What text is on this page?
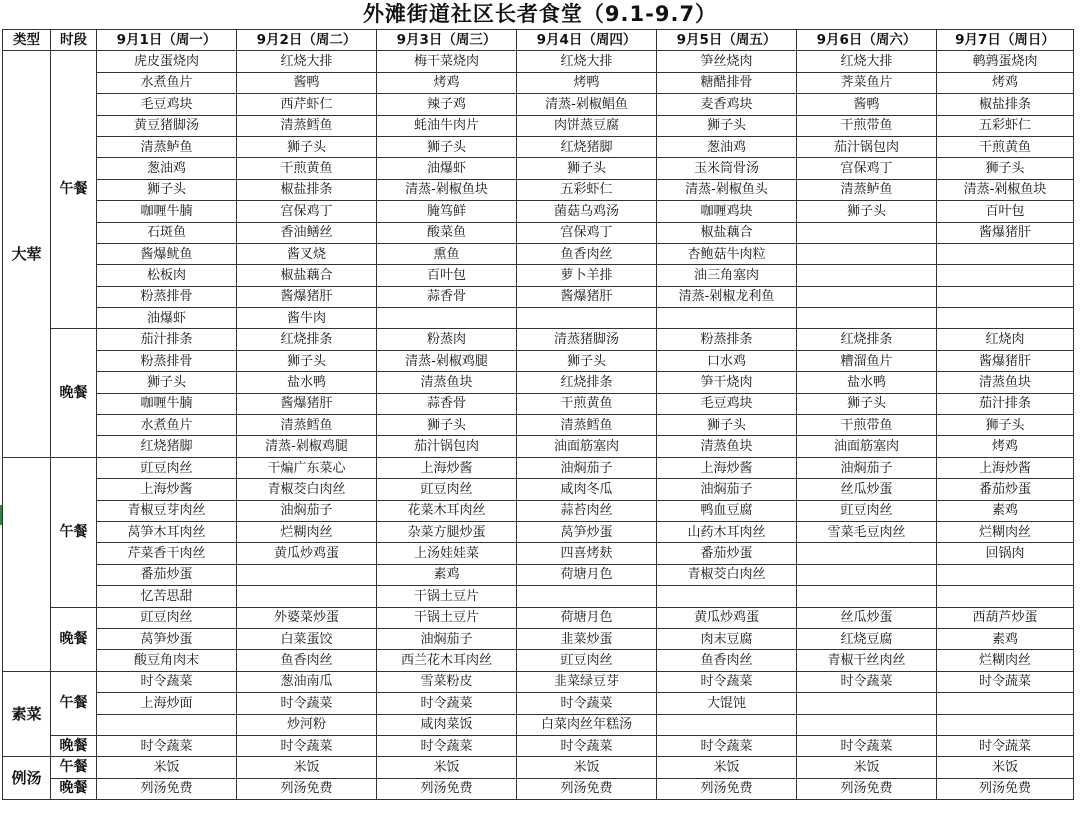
外滩街道社区长者食堂（9.1-9.7）
类型	时段	9月1日（周一）	9月2日（周二）	9月3日（周三）	9月4日（周四）	9月5日（周五）	9月6日（周六）	9月7日（周日）
大荤	午餐	虎皮蛋烧肉	红烧大排	梅干菜烧肉	红烧大排	笋丝烧肉	红烧大排	鹌鹑蛋烧肉
		水煮鱼片	酱鸭	烤鸡	烤鸭	糖醋排骨	荠菜鱼片	烤鸡
		毛豆鸡块	西芹虾仁	辣子鸡	清蒸-剁椒鲳鱼	麦香鸡块	酱鸭	椒盐排条
		黄豆猪脚汤	清蒸鳕鱼	蚝油牛肉片	肉饼蒸豆腐	狮子头	干煎带鱼	五彩虾仁
		清蒸鲈鱼	狮子头	狮子头	红烧猪脚	葱油鸡	茄汁锅包肉	干煎黄鱼
		葱油鸡	干煎黄鱼	油爆虾	狮子头	玉米筒骨汤	宫保鸡丁	狮子头
		狮子头	椒盐排条	清蒸-剁椒鱼块	五彩虾仁	清蒸-剁椒鱼头	清蒸鲈鱼	清蒸-剁椒鱼块
		咖喱牛腩	宫保鸡丁	腌笃鲜	菌菇乌鸡汤	咖喱鸡块	狮子头	百叶包
		石斑鱼	香油鳝丝	酸菜鱼	宫保鸡丁	椒盐藕合		酱爆猪肝
		酱爆鱿鱼	酱叉烧	熏鱼	鱼香肉丝	杏鲍菇牛肉粒		
		松板肉	椒盐藕合	百叶包	萝卜羊排	油三角塞肉		
		粉蒸排骨	酱爆猪肝	蒜香骨	酱爆猪肝	清蒸-剁椒龙利鱼		
		油爆虾	酱牛肉					
	晚餐	茄汁排条	红烧排条	粉蒸肉	清蒸猪脚汤	粉蒸排条	红烧排条	红烧肉
		粉蒸排骨	狮子头	清蒸-剁椒鸡腿	狮子头	口水鸡	糟溜鱼片	酱爆猪肝
		狮子头	盐水鸭	清蒸鱼块	红烧排条	笋干烧肉	盐水鸭	清蒸鱼块
		咖喱牛腩	酱爆猪肝	蒜香骨	干煎黄鱼	毛豆鸡块	狮子头	茄汁排条
		水煮鱼片	清蒸鳕鱼	狮子头	清蒸鳕鱼	狮子头	干煎带鱼	狮子头
		红烧猪脚	清蒸-剁椒鸡腿	茄汁锅包肉	油面筋塞肉	清蒸鱼块	油面筋塞肉	烤鸡
	午餐	豇豆肉丝	干煸广东菜心	上海炒酱	油焖茄子	上海炒酱	油焖茄子	上海炒酱
		上海炒酱	青椒茭白肉丝	豇豆肉丝	咸肉冬瓜	油焖茄子	丝瓜炒蛋	番茄炒蛋
		青椒豆芽肉丝	油焖茄子	花菜木耳肉丝	蒜苔肉丝	鸭血豆腐	豇豆肉丝	素鸡
		莴笋木耳肉丝	烂糊肉丝	杂菜方腿炒蛋	莴笋炒蛋	山药木耳肉丝	雪菜毛豆肉丝	烂糊肉丝
		芹菜香干肉丝	黄瓜炒鸡蛋	上汤娃娃菜	四喜烤麸	番茄炒蛋		回锅肉
		番茄炒蛋		素鸡	荷塘月色	青椒茭白肉丝		
		忆苦思甜		干锅土豆片				
	晚餐	豇豆肉丝	外婆菜炒蛋	干锅土豆片	荷塘月色	黄瓜炒鸡蛋	丝瓜炒蛋	西葫芦炒蛋
		莴笋炒蛋	白菜蛋饺	油焖茄子	韭菜炒蛋	肉末豆腐	红烧豆腐	素鸡
		酸豆角肉末	鱼香肉丝	西兰花木耳肉丝	豇豆肉丝	鱼香肉丝	青椒干丝肉丝	烂糊肉丝
素菜	午餐	时令蔬菜	葱油南瓜	雪菜粉皮	韭菜绿豆芽	时令蔬菜	时令蔬菜	时令蔬菜
		上海炒面	时令蔬菜	时令蔬菜	时令蔬菜	大馄饨		
			炒河粉	咸肉菜饭	白菜肉丝年糕汤			
	晚餐	时令蔬菜	时令蔬菜	时令蔬菜	时令蔬菜	时令蔬菜	时令蔬菜	时令蔬菜
例汤	午餐	米饭	米饭	米饭	米饭	米饭	米饭	米饭
	晚餐	列汤免费	列汤免费	列汤免费	列汤免费	列汤免费	列汤免费	列汤免费
